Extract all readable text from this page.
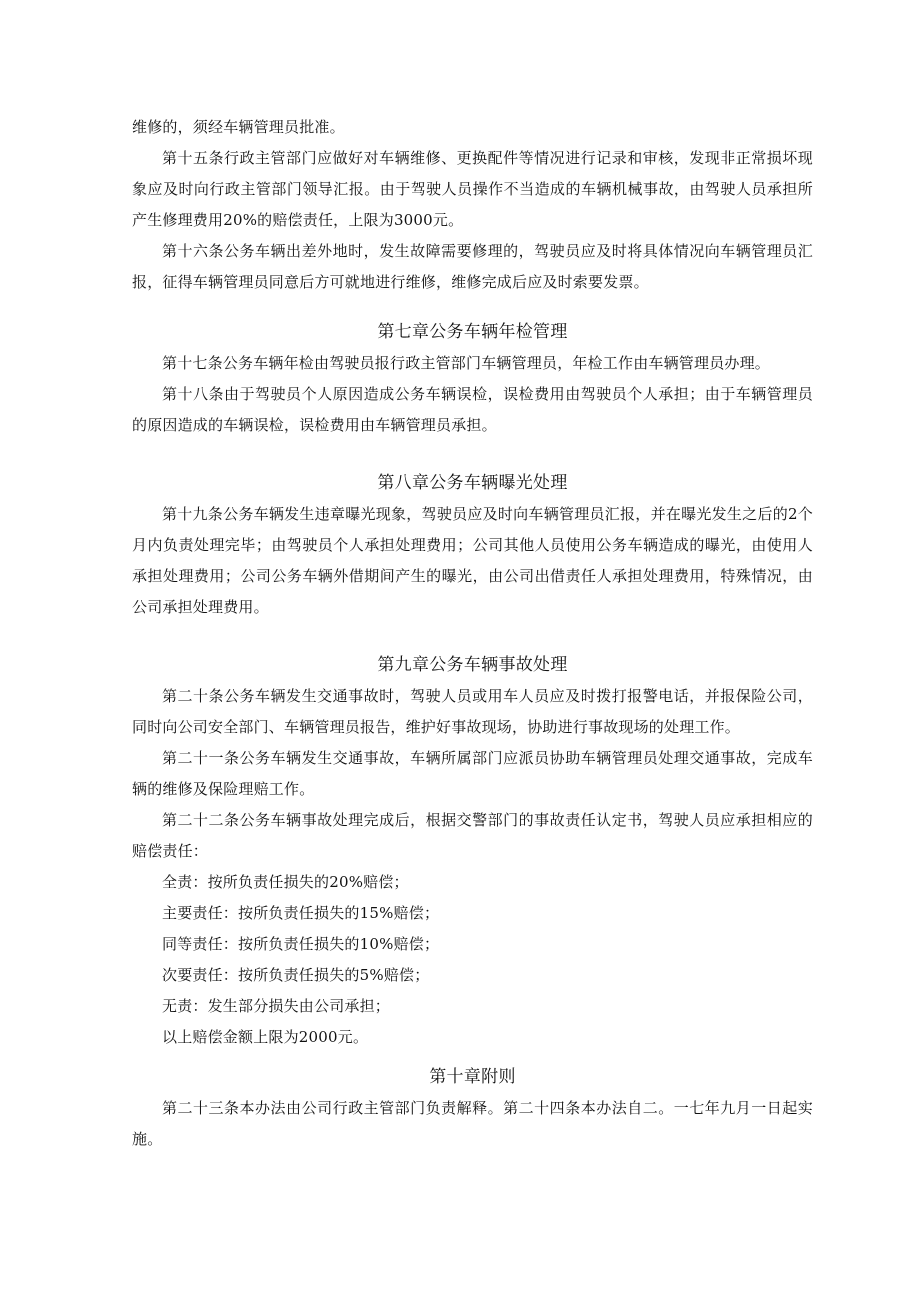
维修的，须经车辆管理员批准。

第十五条行政主管部门应做好对车辆维修、更换配件等情况进行记录和审核，发现非正常损坏现象应及时向行政主管部门领导汇报。由于驾驶人员操作不当造成的车辆机械事故，由驾驶人员承担所产生修理费用20%的赔偿责任，上限为3000元。

第十六条公务车辆出差外地时，发生故障需要修理的，驾驶员应及时将具体情况向车辆管理员汇报，征得车辆管理员同意后方可就地进行维修，维修完成后应及时索要发票。

第七章公务车辆年检管理

第十七条公务车辆年检由驾驶员报行政主管部门车辆管理员，年检工作由车辆管理员办理。

第十八条由于驾驶员个人原因造成公务车辆误检，误检费用由驾驶员个人承担；由于车辆管理员的原因造成的车辆误检，误检费用由车辆管理员承担。

第八章公务车辆曝光处理

第十九条公务车辆发生违章曝光现象，驾驶员应及时向车辆管理员汇报，并在曝光发生之后的2个月内负责处理完毕；由驾驶员个人承担处理费用；公司其他人员使用公务车辆造成的曝光，由使用人承担处理费用；公司公务车辆外借期间产生的曝光，由公司出借责任人承担处理费用，特殊情况，由公司承担处理费用。

第九章公务车辆事故处理

第二十条公务车辆发生交通事故时，驾驶人员或用车人员应及时拨打报警电话，并报保险公司，同时向公司安全部门、车辆管理员报告，维护好事故现场，协助进行事故现场的处理工作。

第二十一条公务车辆发生交通事故，车辆所属部门应派员协助车辆管理员处理交通事故，完成车辆的维修及保险理赔工作。

第二十二条公务车辆事故处理完成后，根据交警部门的事故责任认定书，驾驶人员应承担相应的赔偿责任：

全责：按所负责任损失的20%赔偿；

主要责任：按所负责任损失的15%赔偿；

同等责任：按所负责任损失的10%赔偿；

次要责任：按所负责任损失的5%赔偿；

无责：发生部分损失由公司承担；

以上赔偿金额上限为2000元。

第十章附则

第二十三条本办法由公司行政主管部门负责解释。第二十四条本办法自二。一七年九月一日起实施。
